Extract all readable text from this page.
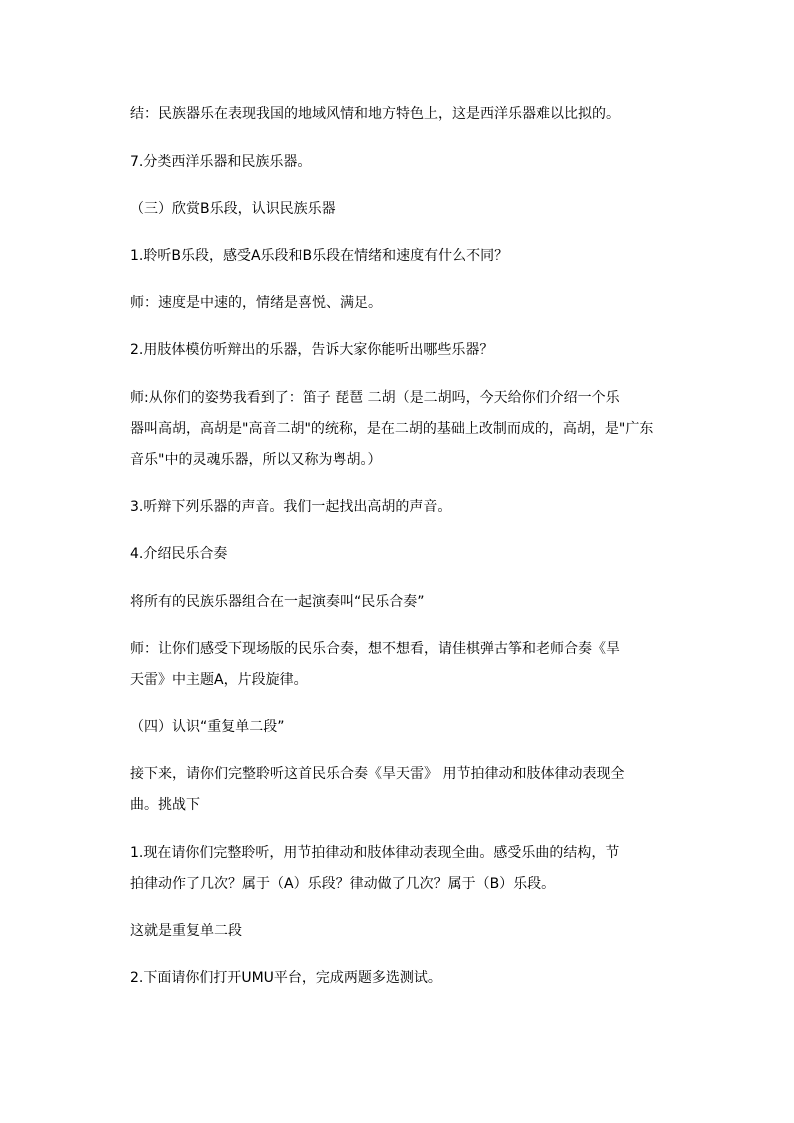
结：民族器乐在表现我国的地域风情和地方特色上，这是西洋乐器难以比拟的。

7.分类西洋乐器和民族乐器。

（三）欣赏B乐段，认识民族乐器

1.聆听B乐段，感受A乐段和B乐段在情绪和速度有什么不同？

师：速度是中速的，情绪是喜悦、满足。

2.用肢体模仿听辩出的乐器，告诉大家你能听出哪些乐器？

师:从你们的姿势我看到了：笛子 琵琶 二胡（是二胡吗，今天给你们介绍一个乐

器叫高胡，高胡是"高音二胡"的统称，是在二胡的基础上改制而成的，高胡，是"广东

音乐"中的灵魂乐器，所以又称为粤胡。）

3.听辩下列乐器的声音。我们一起找出高胡的声音。

4.介绍民乐合奏

将所有的民族乐器组合在一起演奏叫“民乐合奏”

师：让你们感受下现场版的民乐合奏，想不想看，请佳棋弹古筝和老师合奏《旱

天雷》中主题A，片段旋律。

（四）认识“重复单二段”

接下来，请你们完整聆听这首民乐合奏《旱天雷》 用节拍律动和肢体律动表现全

曲。挑战下

1.现在请你们完整聆听，用节拍律动和肢体律动表现全曲。感受乐曲的结构，节

拍律动作了几次？属于（A）乐段？律动做了几次？属于（B）乐段。

这就是重复单二段

2.下面请你们打开UMU平台，完成两题多选测试。
